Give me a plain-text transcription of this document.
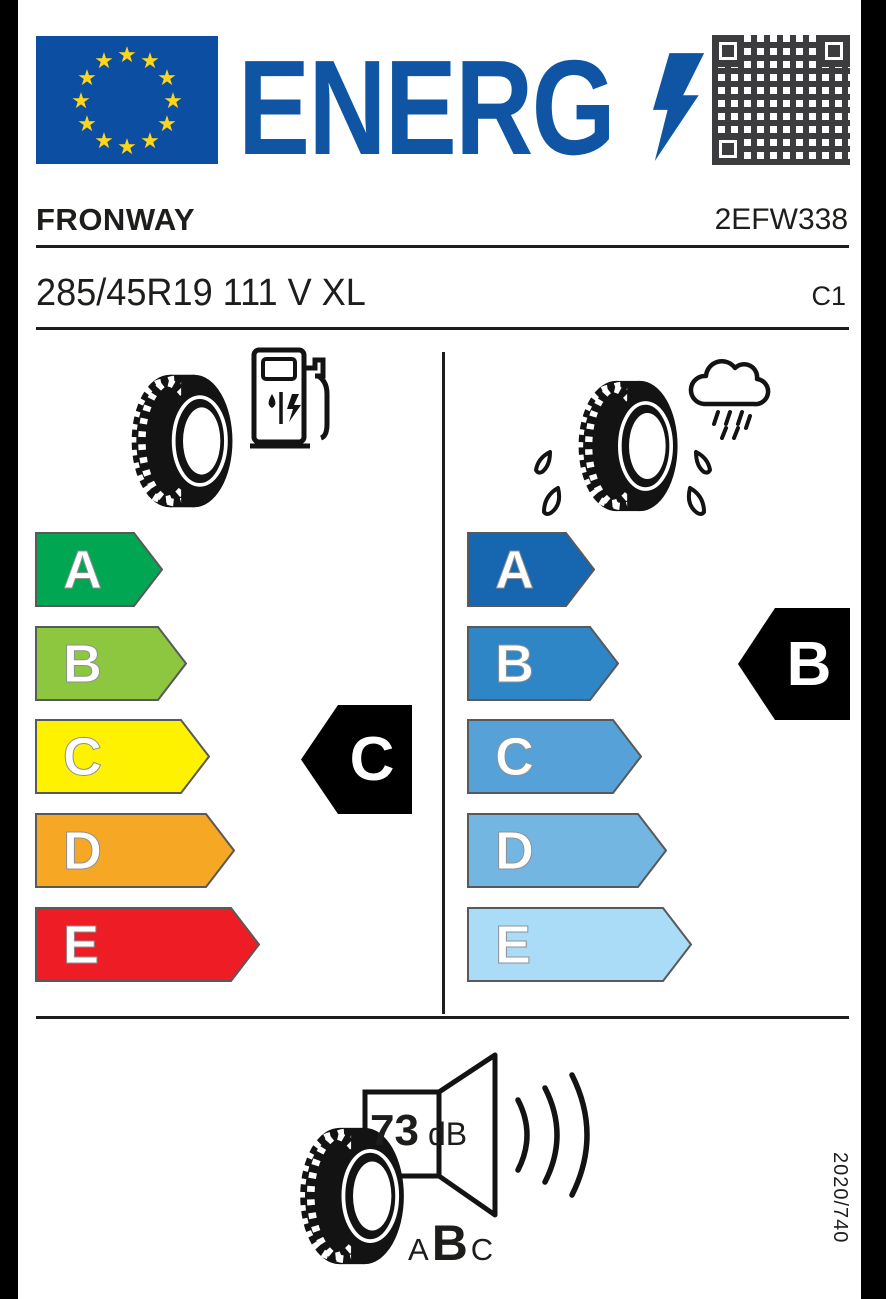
★ ★
★
★
★
★
★
★
★
★
★
★ ENERG
FRONWAY	2EFW338
285/45R19 111 V XL	C1
A
B
C
D
E
C
A
B
C
D
E
B
73 dB
A B C
2020/740
